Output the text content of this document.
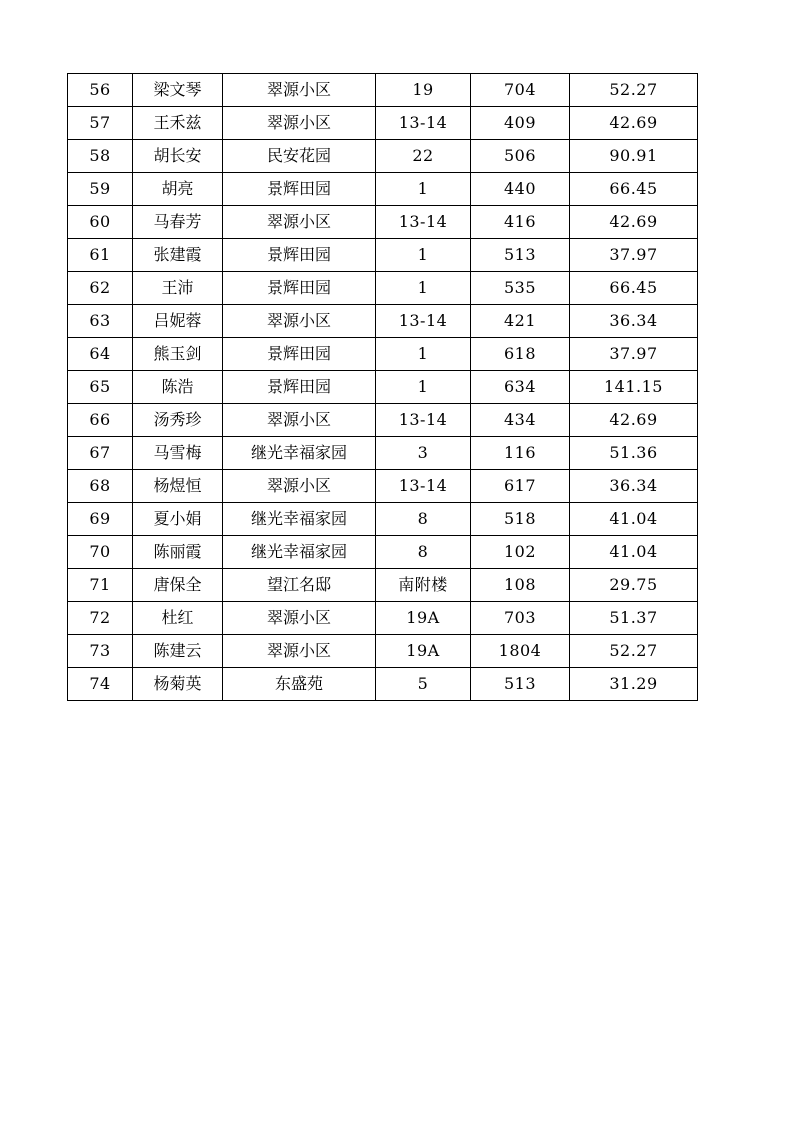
56	梁文琴	翠源小区	19	704	52.27
57	王禾兹	翠源小区	13-14	409	42.69
58	胡长安	民安花园	22	506	90.91
59	胡亮	景辉田园	1	440	66.45
60	马春芳	翠源小区	13-14	416	42.69
61	张建霞	景辉田园	1	513	37.97
62	王沛	景辉田园	1	535	66.45
63	吕妮蓉	翠源小区	13-14	421	36.34
64	熊玉剑	景辉田园	1	618	37.97
65	陈浩	景辉田园	1	634	141.15
66	汤秀珍	翠源小区	13-14	434	42.69
67	马雪梅	继光幸福家园	3	116	51.36
68	杨煜恒	翠源小区	13-14	617	36.34
69	夏小娟	继光幸福家园	8	518	41.04
70	陈丽霞	继光幸福家园	8	102	41.04
71	唐保全	望江名邸	南附楼	108	29.75
72	杜红	翠源小区	19A	703	51.37
73	陈建云	翠源小区	19A	1804	52.27
74	杨菊英	东盛苑	5	513	31.29
